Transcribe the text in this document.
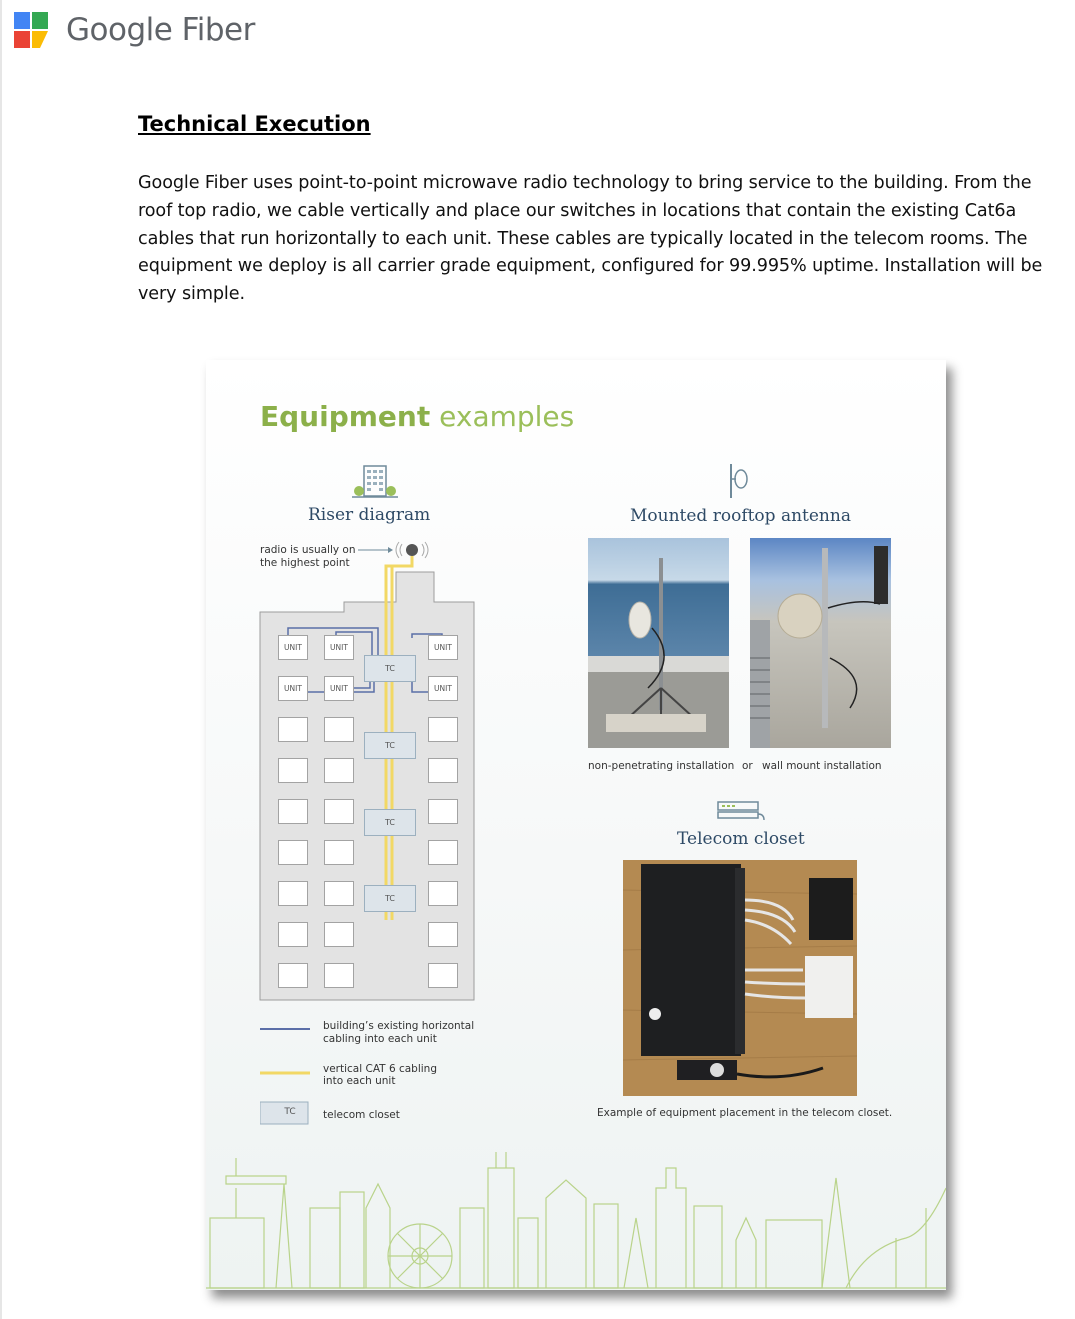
Google Fiber
Technical Execution
Google Fiber uses point-to-point microwave radio technology to bring service to the building. From the roof top radio, we cable vertically and place our switches in locations that contain the existing Cat6a cables that run horizontally to each unit. These cables are typically located in the telecom rooms. The equipment we deploy is all carrier grade equipment, configured for 99.995% uptime. Installation will be very simple.
Equipment examples
Riser diagram
radio is usually on
the highest point
UNIT	UNIT	UNIT
UNIT	UNIT	UNIT
TC
TC
TC
TC
TC
building’s existing horizontal
cabling into each unit
vertical CAT 6 cabling
into each unit
telecom closet
Mounted rooftop antenna
non-penetrating installation or wall mount installation
Telecom closet
Example of equipment placement in the telecom closet.
